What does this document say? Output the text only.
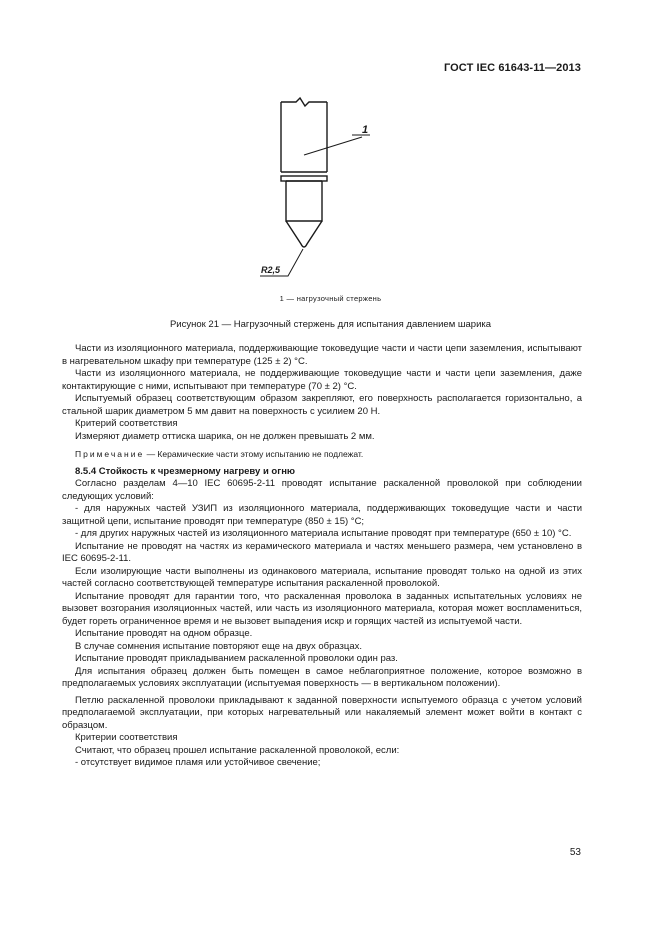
ГОСТ IEC 61643-11—2013
1
R2,5
1 — нагрузочный стержень
Рисунок 21 — Нагрузочный стержень для испытания давлением шарика

Части из изоляционного материала, поддерживающие токоведущие части и части цепи заземления, испытывают в нагревательном шкафу при температуре (125 ± 2) °С.

Части из изоляционного материала, не поддерживающие токоведущие части и части цепи заземления, даже контактирующие с ними, испытывают при температуре (70 ± 2) °С.

Испытуемый образец соответствующим образом закрепляют, его поверхность располагается горизонтально, а стальной шарик диаметром 5 мм давит на поверхность с усилием 20 Н.

Критерий соответствия

Измеряют диаметр оттиска шарика, он не должен превышать 2 мм.

Примечание — Керамические части этому испытанию не подлежат.

8.5.4 Стойкость к чрезмерному нагреву и огню

Согласно разделам 4—10 IEC 60695-2-11 проводят испытание раскаленной проволокой при соблюдении следующих условий:

- для наружных частей УЗИП из изоляционного материала, поддерживающих токоведущие части и части защитной цепи, испытание проводят при температуре (850 ± 15) °С;

- для других наружных частей из изоляционного материала испытание проводят при температуре (650 ± 10) °С.

Испытание не проводят на частях из керамического материала и частях меньшего размера, чем установлено в IEC 60695-2-11.

Если изолирующие части выполнены из одинакового материала, испытание проводят только на одной из этих частей согласно соответствующей температуре испытания раскаленной проволокой.

Испытание проводят для гарантии того, что раскаленная проволока в заданных испытательных условиях не вызовет возгорания изоляционных частей, или часть из изоляционного материала, которая может воспламениться, будет гореть ограниченное время и не вызовет выпадения искр и горящих частей из испытуемой части.

Испытание проводят на одном образце.

В случае сомнения испытание повторяют еще на двух образцах.

Испытание проводят прикладыванием раскаленной проволоки один раз.

Для испытания образец должен быть помещен в самое неблагоприятное положение, которое возможно в предполагаемых условиях эксплуатации (испытуемая поверхность — в вертикальном положении).

Петлю раскаленной проволоки прикладывают к заданной поверхности испытуемого образца с учетом условий предполагаемой эксплуатации, при которых нагревательный или накаляемый элемент может войти в контакт с образцом.

Критерии соответствия

Считают, что образец прошел испытание раскаленной проволокой, если:

- отсутствует видимое пламя или устойчивое свечение;

53
